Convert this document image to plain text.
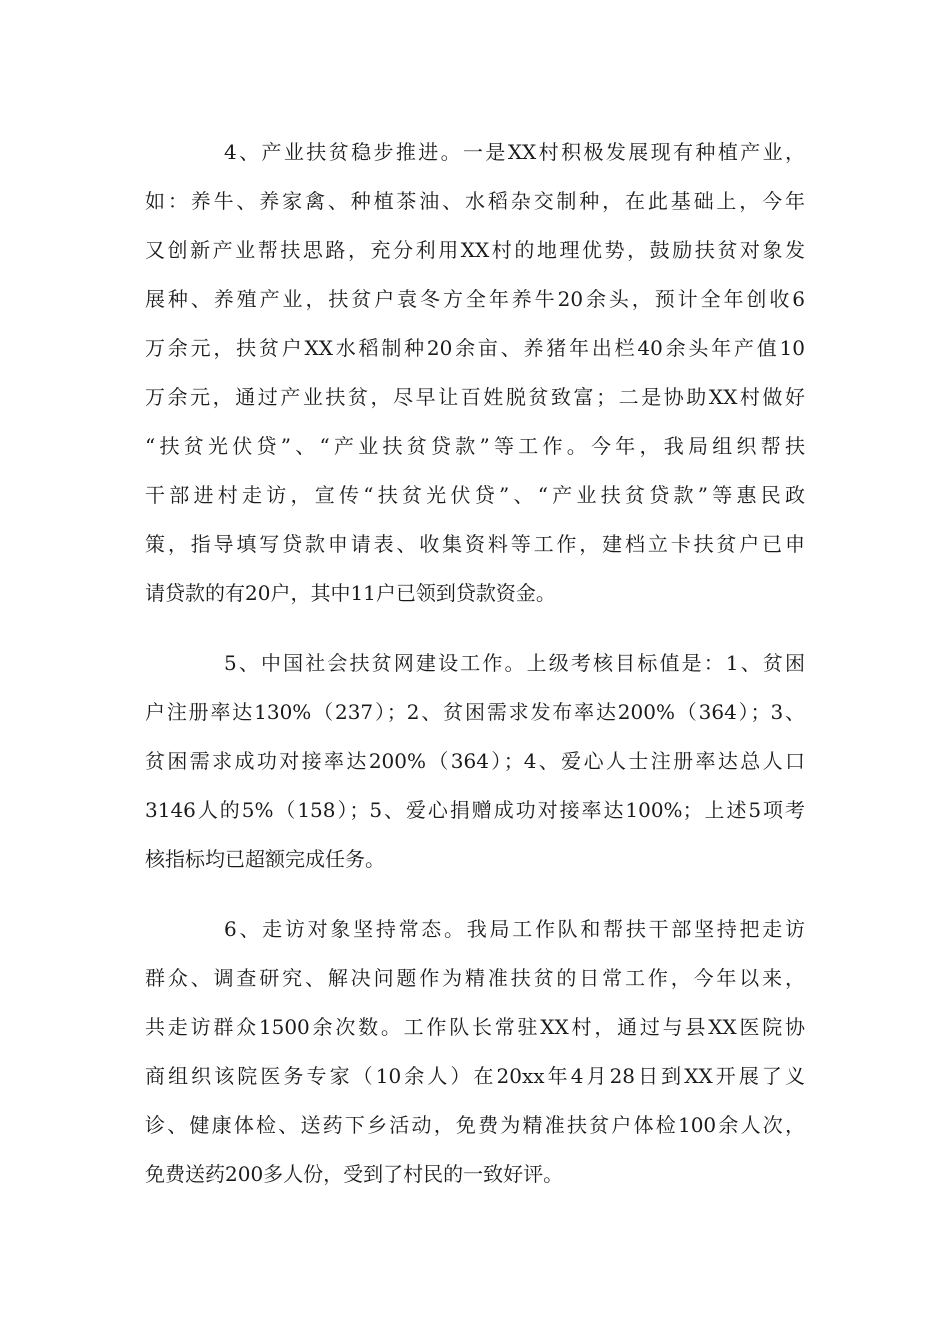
4、产业扶贫稳步推进。一是XX村积极发展现有种植产业，
如：养牛、养家禽、种植茶油、水稻杂交制种，在此基础上，今年
又创新产业帮扶思路，充分利用XX村的地理优势，鼓励扶贫对象发
展种、养殖产业，扶贫户袁冬方全年养牛20余头，预计全年创收6
万余元，扶贫户XX水稻制种20余亩、养猪年出栏40余头年产值10
万余元，通过产业扶贫，尽早让百姓脱贫致富；二是协助XX村做好
“扶贫光伏贷”、“产业扶贫贷款”等工作。今年，我局组织帮扶
干部进村走访，宣传“扶贫光伏贷”、“产业扶贫贷款”等惠民政
策，指导填写贷款申请表、收集资料等工作，建档立卡扶贫户已申
请贷款的有20户，其中11户已领到贷款资金。
5、中国社会扶贫网建设工作。上级考核目标值是：1、贫困
户注册率达130%（237）；2、贫困需求发布率达200%（364）；3、
贫困需求成功对接率达200%（364）；4、爱心人士注册率达总人口
3146人的5%（158）；5、爱心捐赠成功对接率达100%；上述5项考
核指标均已超额完成任务。
6、走访对象坚持常态。我局工作队和帮扶干部坚持把走访
群众、调查研究、解决问题作为精准扶贫的日常工作，今年以来，
共走访群众1500余次数。工作队长常驻XX村，通过与县XX医院协
商组织该院医务专家（10余人）在20xx年4月28日到XX开展了义
诊、健康体检、送药下乡活动，免费为精准扶贫户体检100余人次，
免费送药200多人份，受到了村民的一致好评。
